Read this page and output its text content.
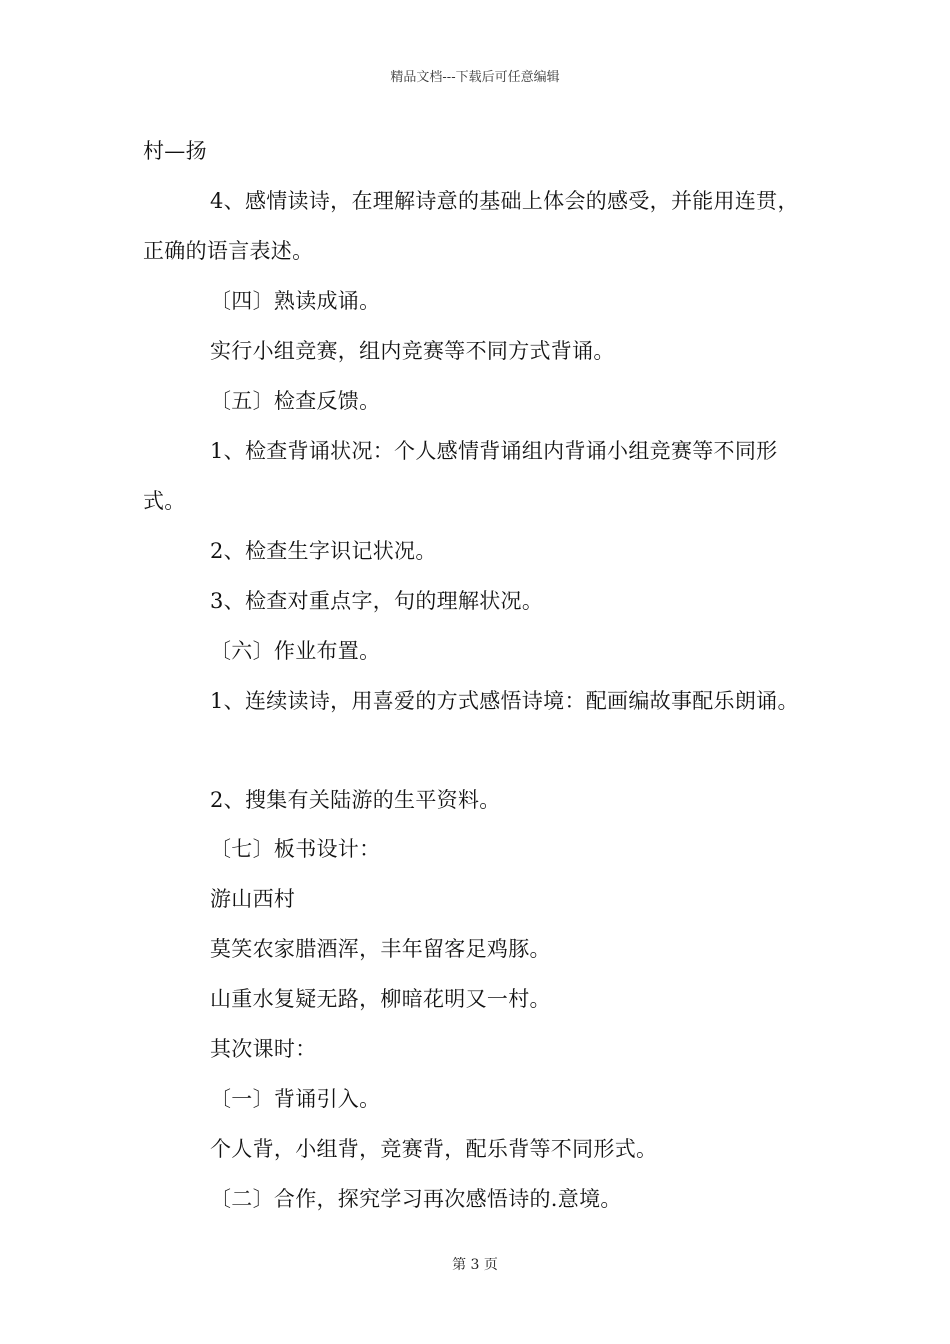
精品文档---下载后可任意编辑
村—扬
4、感情读诗，在理解诗意的基础上体会的感受，并能用连贯，
正确的语言表述。
〔四〕熟读成诵。
实行小组竞赛，组内竞赛等不同方式背诵。
〔五〕检查反馈。
1、检查背诵状况：个人感情背诵组内背诵小组竞赛等不同形
式。
2、检查生字识记状况。
3、检查对重点字，句的理解状况。
〔六〕作业布置。
1、连续读诗，用喜爱的方式感悟诗境：配画编故事配乐朗诵。
2、搜集有关陆游的生平资料。
〔七〕板书设计：
游山西村
莫笑农家腊酒浑，丰年留客足鸡豚。
山重水复疑无路，柳暗花明又一村。
其次课时：
〔一〕背诵引入。
个人背，小组背，竞赛背，配乐背等不同形式。
〔二〕合作，探究学习再次感悟诗的.意境。
第 3 页
